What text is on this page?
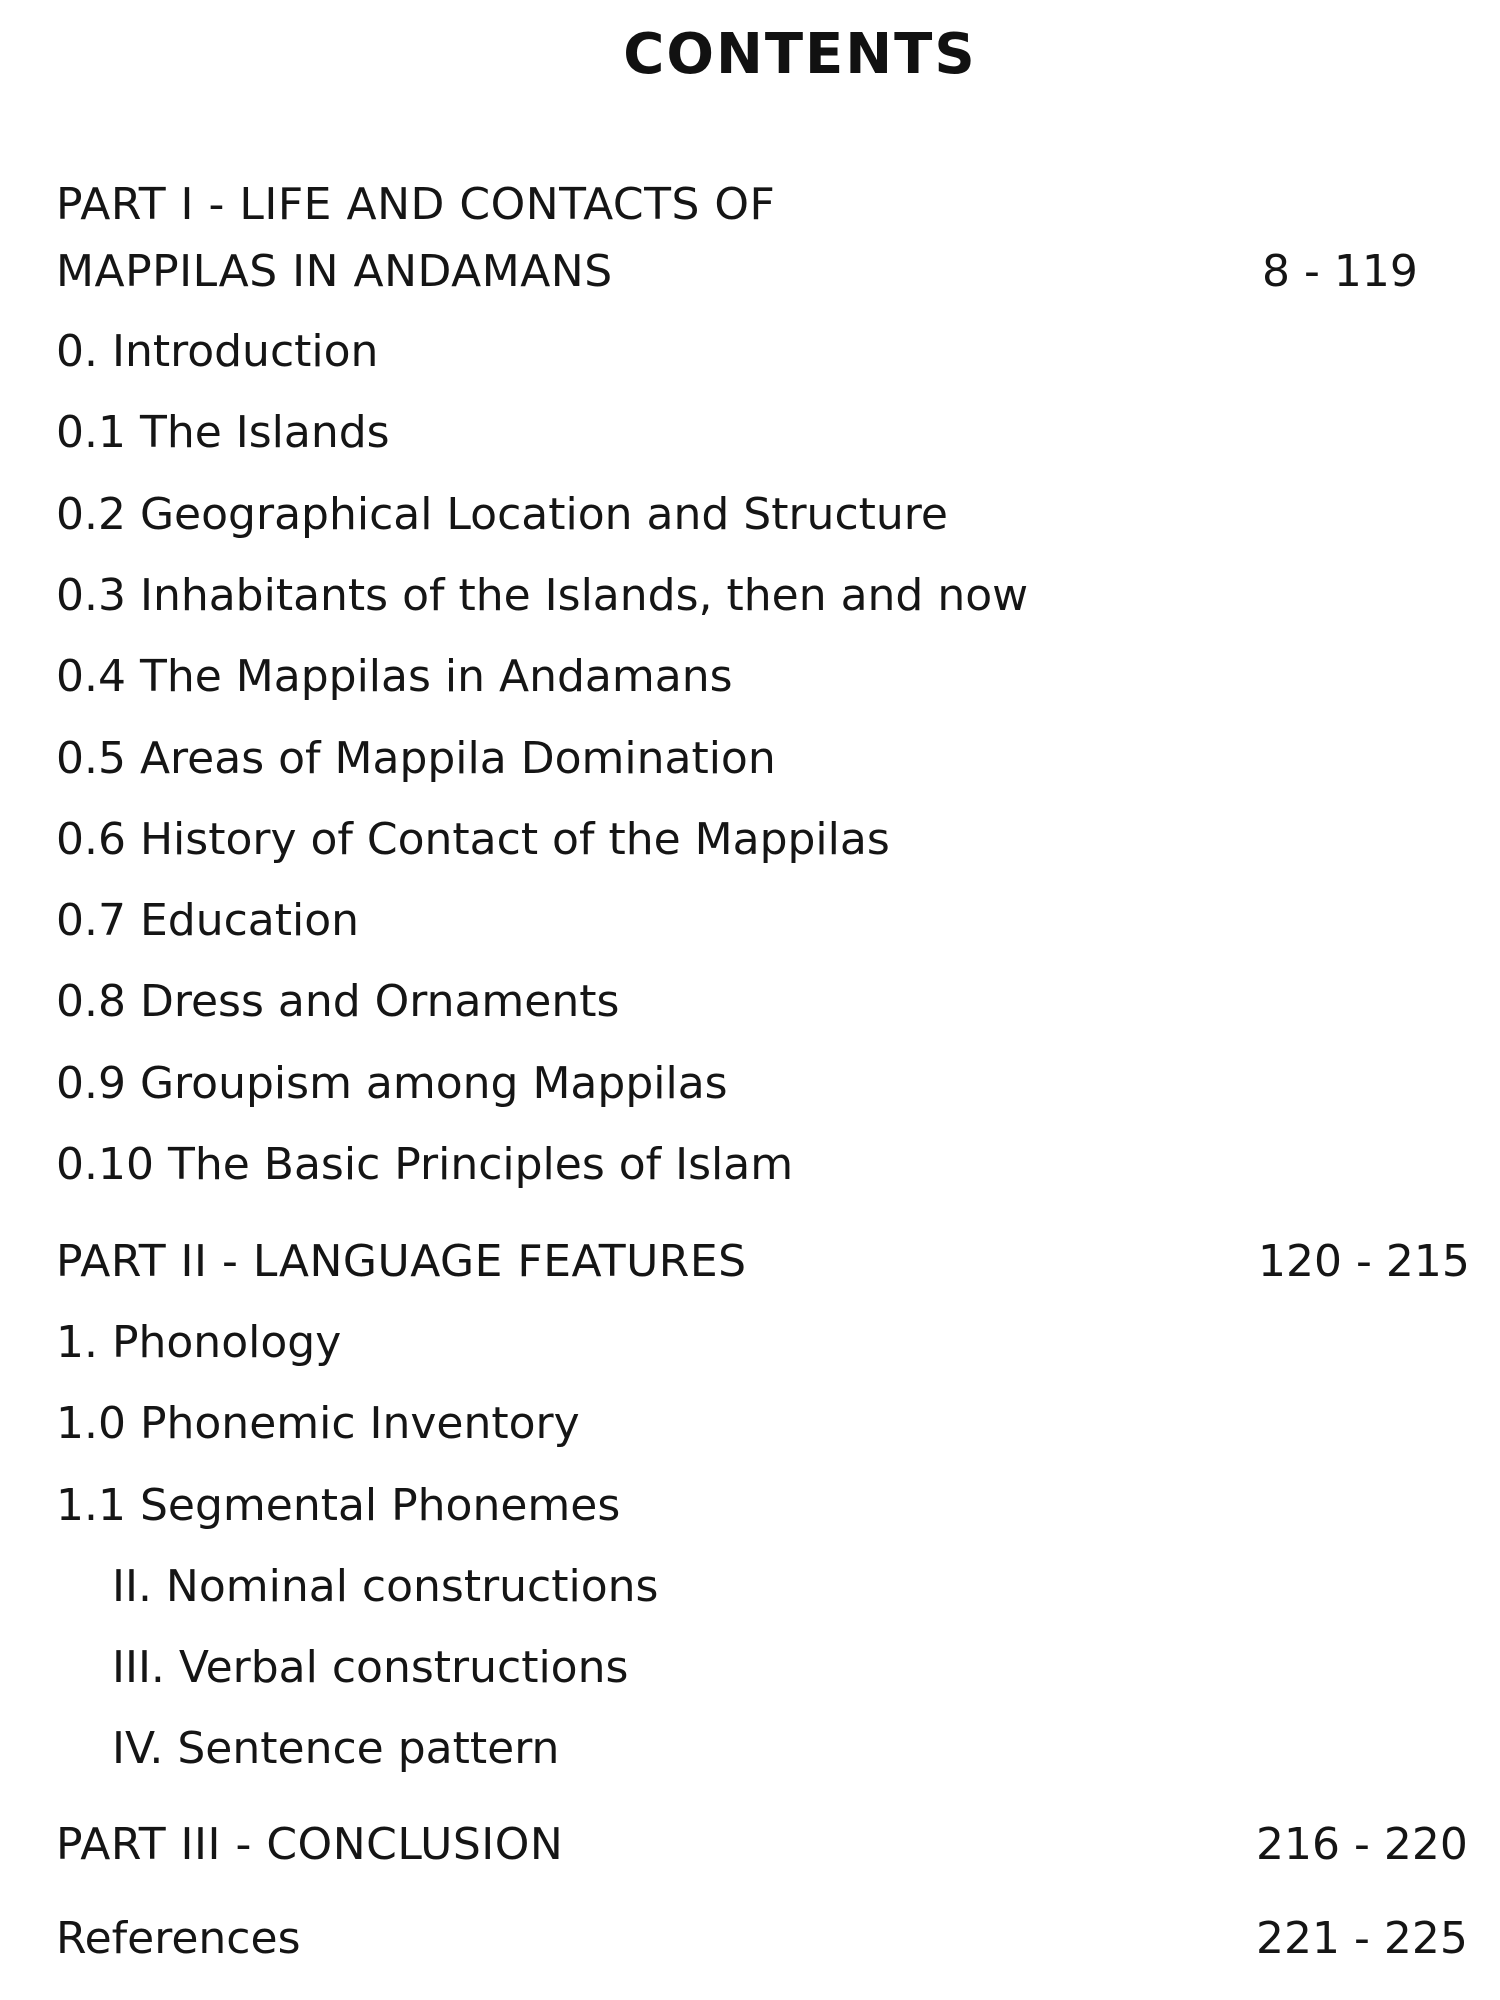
CONTENTS
PART I - LIFE AND CONTACTS OF
MAPPILAS IN ANDAMANS	8 - 119
0. Introduction
0.1 The Islands
0.2 Geographical Location and Structure
0.3 Inhabitants of the Islands, then and now
0.4 The Mappilas in Andamans
0.5 Areas of Mappila Domination
0.6 History of Contact of the Mappilas
0.7 Education
0.8 Dress and Ornaments
0.9 Groupism among Mappilas
0.10 The Basic Principles of Islam
PART II - LANGUAGE FEATURES	120 - 215
1. Phonology
1.0 Phonemic Inventory
1.1 Segmental Phonemes
II. Nominal constructions
III. Verbal constructions
IV. Sentence pattern
PART III - CONCLUSION	216 - 220
References	221 - 225
